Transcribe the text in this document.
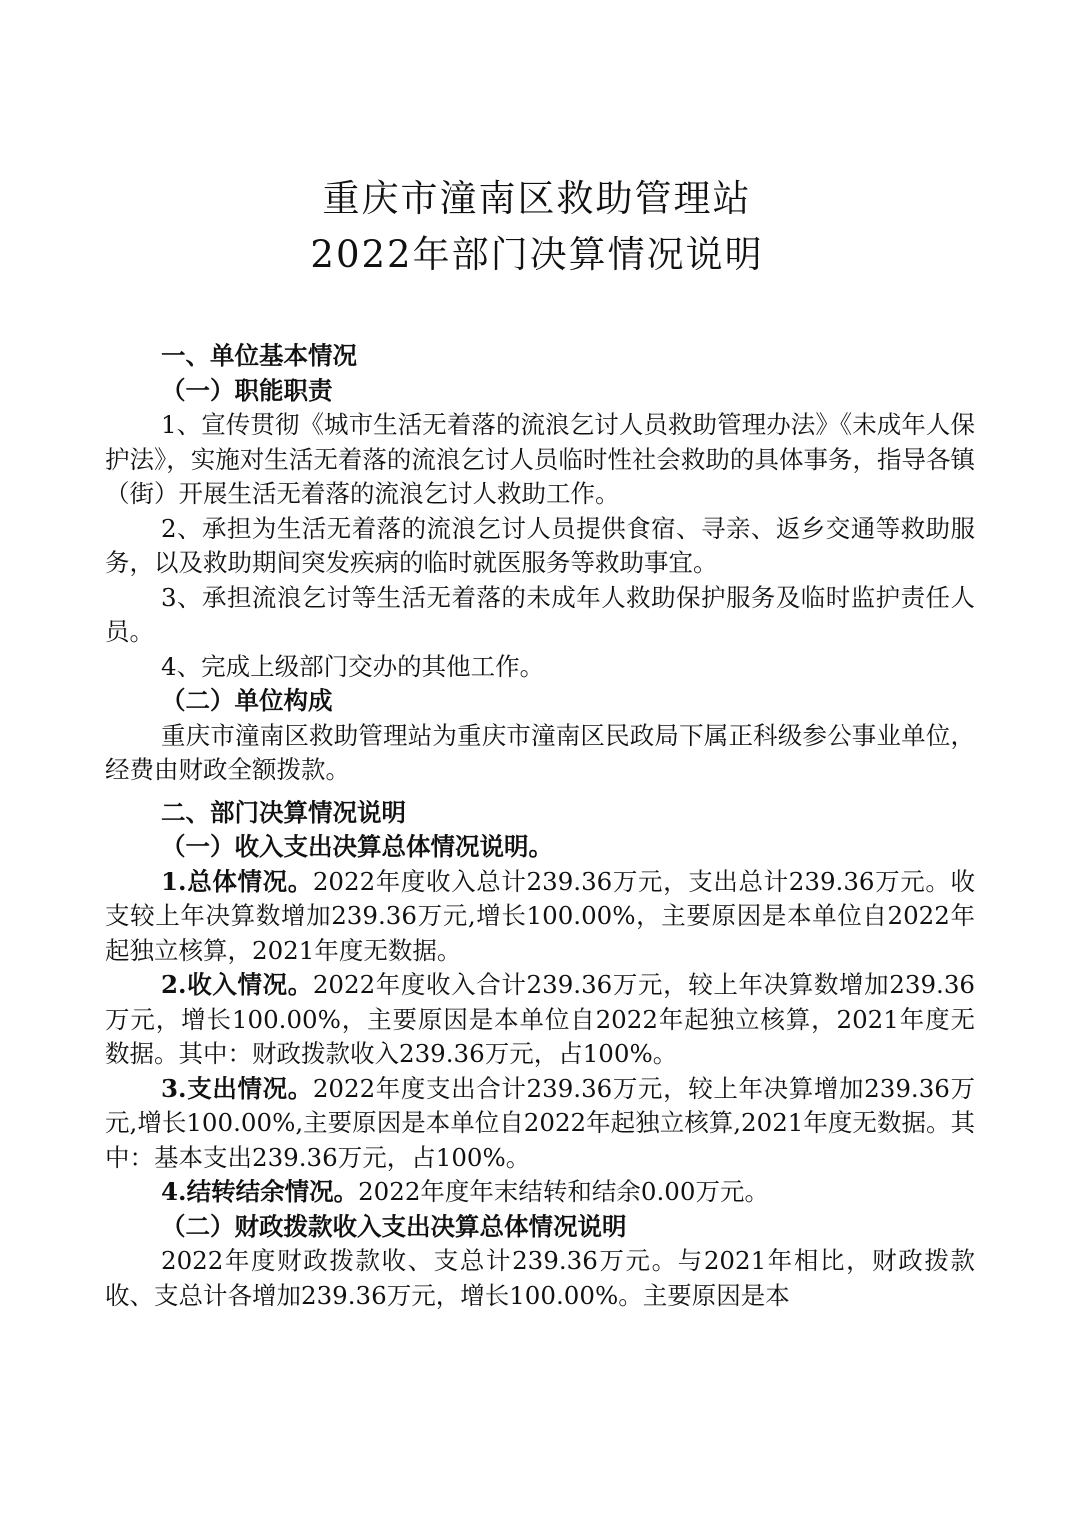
重庆市潼南区救助管理站
2022年部门决算情况说明

一、单位基本情况

（一）职能职责

1、宣传贯彻《城市生活无着落的流浪乞讨人员救助管理办法》《未成年人保护法》，实施对生活无着落的流浪乞讨人员临时性社会救助的具体事务，指导各镇（街）开展生活无着落的流浪乞讨人救助工作。

2、承担为生活无着落的流浪乞讨人员提供食宿、寻亲、返乡交通等救助服务，以及救助期间突发疾病的临时就医服务等救助事宜。

3、承担流浪乞讨等生活无着落的未成年人救助保护服务及临时监护责任人员。

4、完成上级部门交办的其他工作。

（二）单位构成

重庆市潼南区救助管理站为重庆市潼南区民政局下属正科级参公事业单位，经费由财政全额拨款。

二、部门决算情况说明

（一）收入支出决算总体情况说明。

1.总体情况。2022年度收入总计239.36万元，支出总计239.36万元。收支较上年决算数增加239.36万元,增长100.00%，主要原因是本单位自2022年起独立核算，2021年度无数据。

2.收入情况。2022年度收入合计239.36万元，较上年决算数增加239.36万元，增长100.00%，主要原因是本单位自2022年起独立核算，2021年度无数据。其中：财政拨款收入239.36万元，占100%。

3.支出情况。2022年度支出合计239.36万元，较上年决算增加239.36万元,增长100.00%,主要原因是本单位自2022年起独立核算,2021年度无数据。其中：基本支出239.36万元，占100%。

4.结转结余情况。2022年度年末结转和结余0.00万元。

（二）财政拨款收入支出决算总体情况说明

2022年度财政拨款收、支总计239.36万元。与2021年相比，财政拨款收、支总计各增加239.36万元，增长100.00%。主要原因是本
